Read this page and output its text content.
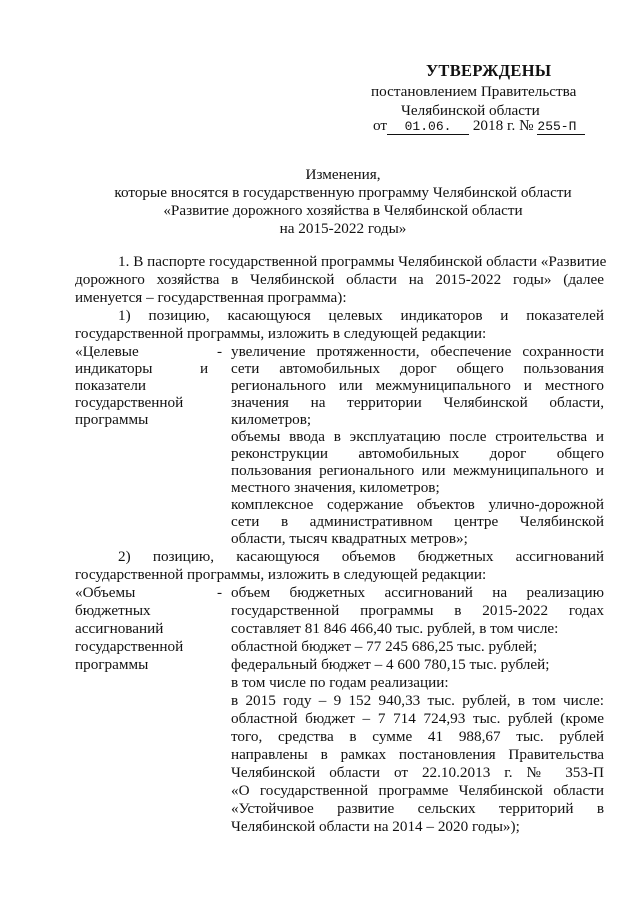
УТВЕРЖДЕНЫ
постановлением Правительства
Челябинской области
от 01.06. 2018 г. № 255-П
Изменения,
которые вносятся в государственную программу Челябинской области
«Развитие дорожного хозяйства в Челябинской области
на 2015-2022 годы»
1. В паспорте государственной программы Челябинской области «Развитие
дорожного хозяйства в Челябинской области на 2015-2022 годы» (далее
именуется – государственная программа):
1) позицию, касающуюся целевых индикаторов и показателей
государственной программы, изложить в следующей редакции:
«Целевые
индикаторы	и
показатели
государственной
программы
- увеличение протяженности, обеспечение сохранности
сети автомобильных дорог общего пользования
регионального или межмуниципального и местного
значения на территории Челябинской области,
километров;
объемы ввода в эксплуатацию после строительства и
реконструкции автомобильных дорог общего
пользования регионального или межмуниципального и
местного значения, километров;
комплексное содержание объектов улично-дорожной
сети в административном центре Челябинской
области, тысяч квадратных метров»;
2) позицию, касающуюся объемов бюджетных ассигнований
государственной программы, изложить в следующей редакции:
«Объемы
бюджетных
ассигнований
государственной
программы
- объем бюджетных ассигнований на реализацию
государственной программы в 2015-2022 годах
составляет 81 846 466,40 тыс. рублей, в том числе:
областной бюджет – 77 245 686,25 тыс. рублей;
федеральный бюджет – 4 600 780,15 тыс. рублей;
в том числе по годам реализации:
в 2015 году – 9 152 940,33 тыс. рублей, в том числе:
областной бюджет – 7 714 724,93 тыс. рублей (кроме
того, средства в сумме 41 988,67 тыс. рублей
направлены в рамках постановления Правительства
Челябинской области от 22.10.2013 г. № 353-П
«О государственной программе Челябинской области
«Устойчивое развитие сельских территорий в
Челябинской области на 2014 – 2020 годы»);
